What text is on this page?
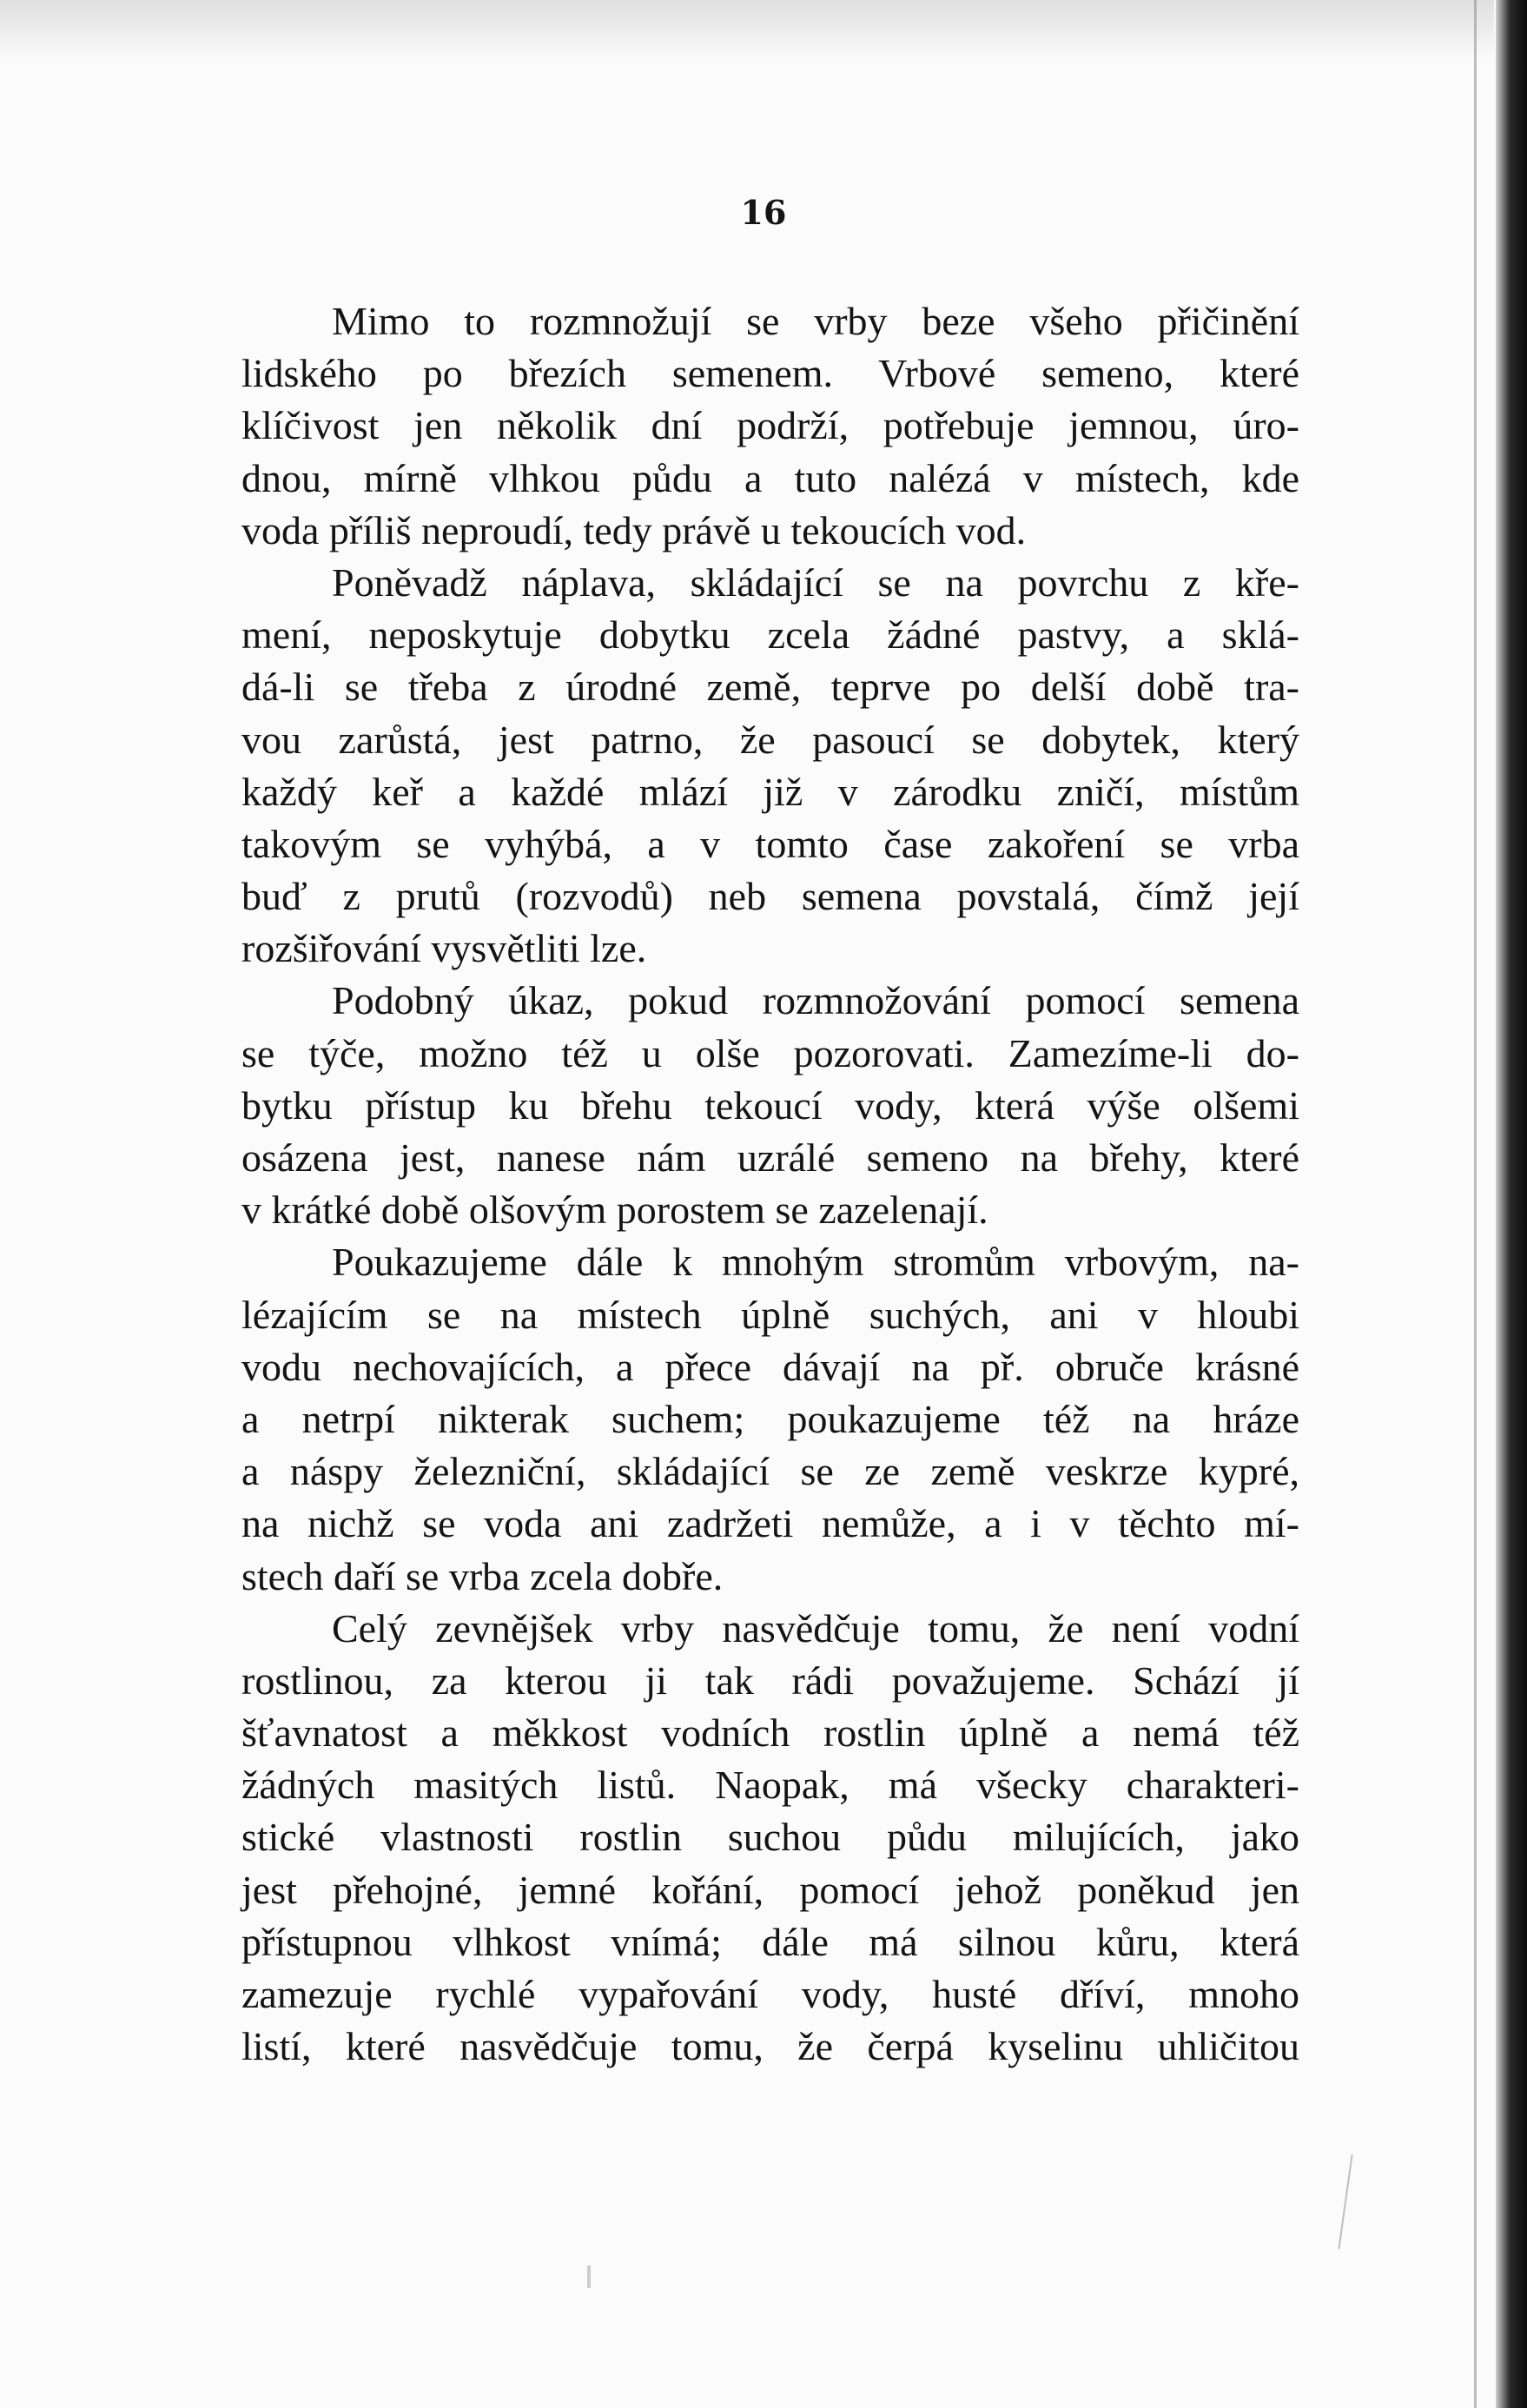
16
Mimo to rozmnožují se vrby beze všeho přičinění
lidského po březích semenem. Vrbové semeno, které
klíčivost jen několik dní podrží, potřebuje jemnou, úro-
dnou, mírně vlhkou půdu a tuto nalézá v místech, kde
voda příliš neproudí, tedy právě u tekoucích vod.
Poněvadž náplava, skládající se na povrchu z kře-
mení, neposkytuje dobytku zcela žádné pastvy, a sklá-
dá-li se třeba z úrodné země, teprve po delší době tra-
vou zarůstá, jest patrno, že pasoucí se dobytek, který
každý keř a každé mlází již v zárodku zničí, místům
takovým se vyhýbá, a v tomto čase zakoření se vrba
buď z prutů (rozvodů) neb semena povstalá, čímž její
rozšiřování vysvětliti lze.
Podobný úkaz, pokud rozmnožování pomocí semena
se týče, možno též u olše pozorovati. Zamezíme-li do-
bytku přístup ku břehu tekoucí vody, která výše olšemi
osázena jest, nanese nám uzrálé semeno na břehy, které
v krátké době olšovým porostem se zazelenají.
Poukazujeme dále k mnohým stromům vrbovým, na-
lézajícím se na místech úplně suchých, ani v hloubi
vodu nechovajících, a přece dávají na př. obruče krásné
a netrpí nikterak suchem; poukazujeme též na hráze
a náspy železniční, skládající se ze země veskrze kypré,
na nichž se voda ani zadržeti nemůže, a i v těchto mí-
stech daří se vrba zcela dobře.
Celý zevnějšek vrby nasvědčuje tomu, že není vodní
rostlinou, za kterou ji tak rádi považujeme. Schází jí
šťavnatost a měkkost vodních rostlin úplně a nemá též
žádných masitých listů. Naopak, má všecky charakteri-
stické vlastnosti rostlin suchou půdu milujících, jako
jest přehojné, jemné kořání, pomocí jehož poněkud jen
přístupnou vlhkost vnímá; dále má silnou kůru, která
zamezuje rychlé vypařování vody, husté dříví, mnoho
listí, které nasvědčuje tomu, že čerpá kyselinu uhličitou
